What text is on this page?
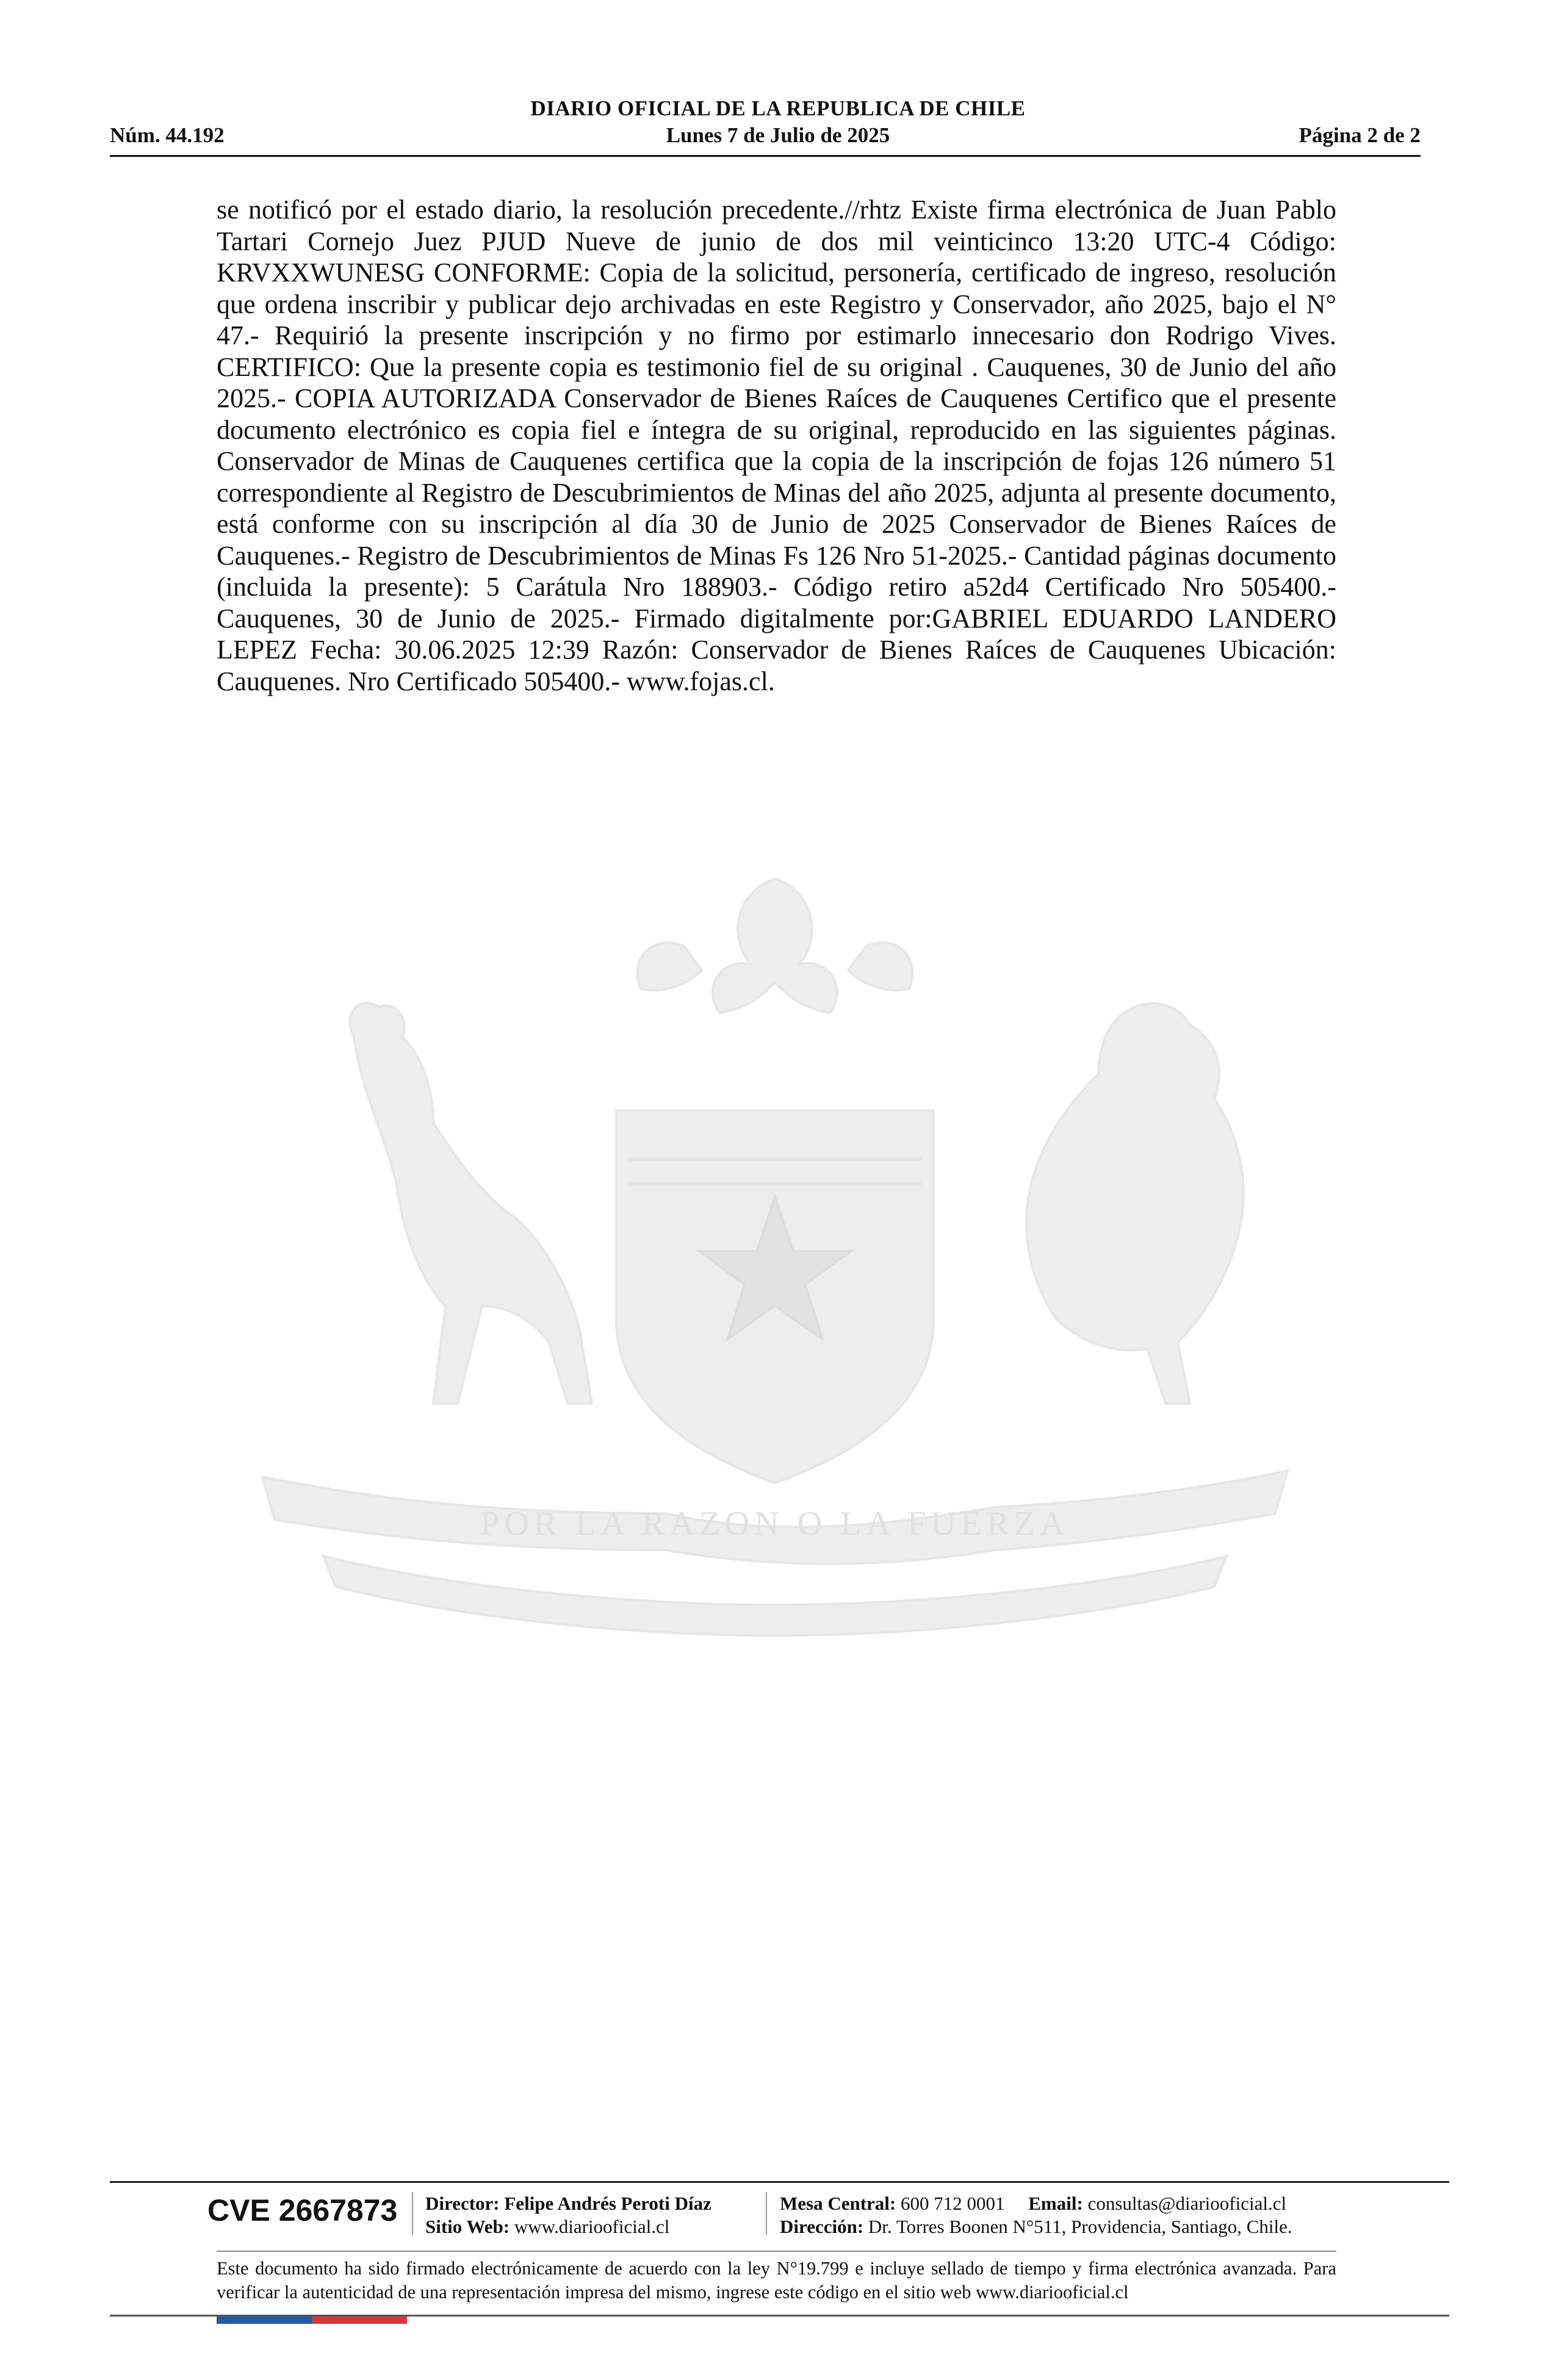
DIARIO OFICIAL DE LA REPUBLICA DE CHILE
Núm. 44.192	Lunes 7 de Julio de 2025	Página 2 de 2

se notificó por el estado diario, la resolución precedente.//rhtz Existe firma electrónica de Juan Pablo Tartari Cornejo Juez PJUD Nueve de junio de dos mil veinticinco 13:20 UTC-4 Código: KRVXXWUNESG CONFORME: Copia de la solicitud, personería, certificado de ingreso, resolución que ordena inscribir y publicar dejo archivadas en este Registro y Conservador, año 2025, bajo el N° 47.- Requirió la presente inscripción y no firmo por estimarlo innecesario don Rodrigo Vives. CERTIFICO: Que la presente copia es testimonio fiel de su original . Cauquenes, 30 de Junio del año 2025.- COPIA AUTORIZADA Conservador de Bienes Raíces de Cauquenes Certifico que el presente documento electrónico es copia fiel e íntegra de su original, reproducido en las siguientes páginas. Conservador de Minas de Cauquenes certifica que la copia de la inscripción de fojas 126 número 51 correspondiente al Registro de Descubrimientos de Minas del año 2025, adjunta al presente documento, está conforme con su inscripción al día 30 de Junio de 2025 Conservador de Bienes Raíces de Cauquenes.- Registro de Descubrimientos de Minas Fs 126 Nro 51-2025.- Cantidad páginas documento (incluida la presente): 5 Carátula Nro 188903.- Código retiro a52d4 Certificado Nro 505400.- Cauquenes, 30 de Junio de 2025.- Firmado digitalmente por:GABRIEL EDUARDO LANDERO LEPEZ Fecha: 30.06.2025 12:39 Razón: Conservador de Bienes Raíces de Cauquenes Ubicación: Cauquenes. Nro Certificado 505400.- www.fojas.cl.

POR LA RAZON O LA FUERZA
CVE 2667873 Director: Felipe Andrés Peroti Díaz
Sitio Web: www.diariooficial.cl
Mesa Central: 600 712 0001 Email: consultas@diariooficial.cl
Dirección: Dr. Torres Boonen N°511, Providencia, Santiago, Chile.

Este documento ha sido firmado electrónicamente de acuerdo con la ley N°19.799 e incluye sellado de tiempo y firma electrónica avanzada. Para verificar la autenticidad de una representación impresa del mismo, ingrese este código en el sitio web www.diariooficial.cl
